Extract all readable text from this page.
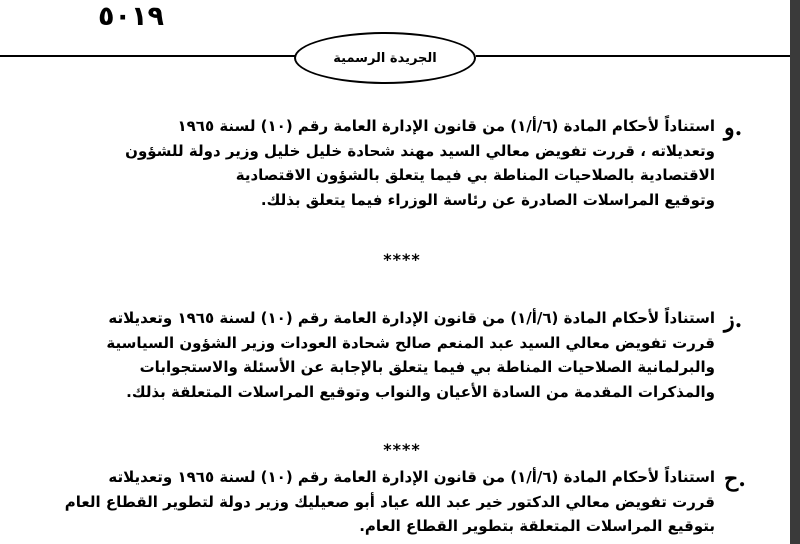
٥٠١٩
الجريدة الرسمية
و.
استناداً لأحكام المادة (٦/أ/١) من قانون الإدارة العامة رقم (١٠) لسنة ١٩٦٥
وتعديلاته ، قررت تفويض معالي السيد مهند شحادة خليل خليل وزير دولة للشؤون
الاقتصادية بالصلاحيات المناطة بي فيما يتعلق بالشؤون الاقتصادية
وتوقيع المراسلات الصادرة عن رئاسة الوزراء فيما يتعلق بذلك.
****
ز.
استناداً لأحكام المادة (٦/أ/١) من قانون الإدارة العامة رقم (١٠) لسنة ١٩٦٥ وتعديلاته
قررت تفويض معالي السيد عبد المنعم صالح شحادة العودات وزير الشؤون السياسية
والبرلمانية الصلاحيات المناطة بي فيما يتعلق بالإجابة عن الأسئلة والاستجوابات
والمذكرات المقدمة من السادة الأعيان والنواب وتوقيع المراسلات المتعلقة بذلك.
****
ح.
استناداً لأحكام المادة (٦/أ/١) من قانون الإدارة العامة رقم (١٠) لسنة ١٩٦٥ وتعديلاته
قررت تفويض معالي الدكتور خير عبد الله عياد أبو صعيليك وزير دولة لتطوير القطاع العام
بتوقيع المراسلات المتعلقة بتطوير القطاع العام.
